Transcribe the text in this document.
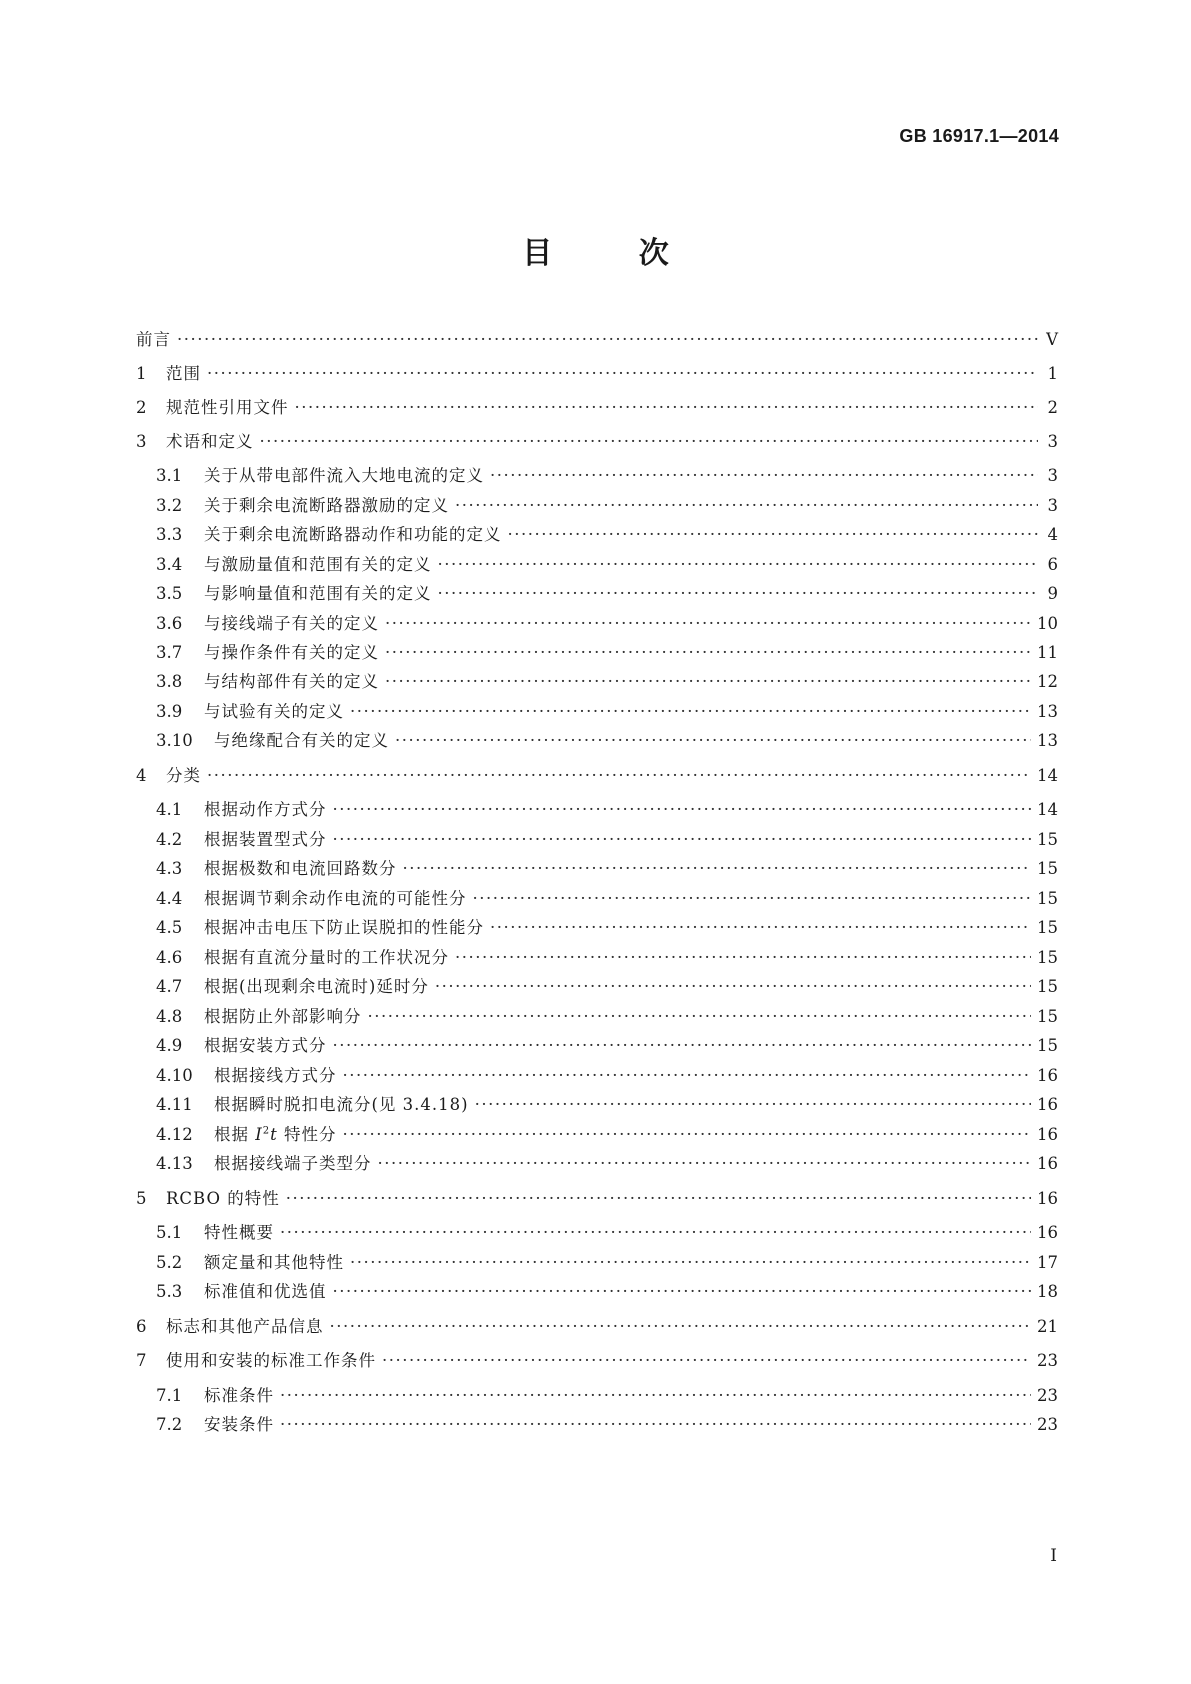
GB 16917.1—2014
目 次
前言 ·····	V
1	范围 ·····	1
2	规范性引用文件 ·····	2
3	术语和定义 ·····	3
3.1	关于从带电部件流入大地电流的定义 ·····	3
3.2	关于剩余电流断路器激励的定义 ·····	3
3.3	关于剩余电流断路器动作和功能的定义 ·····	4
3.4	与激励量值和范围有关的定义 ·····	6
3.5	与影响量值和范围有关的定义 ·····	9
3.6	与接线端子有关的定义 ·····	10
3.7	与操作条件有关的定义 ·····	11
3.8	与结构部件有关的定义 ·····	12
3.9	与试验有关的定义 ·····	13
3.10	与绝缘配合有关的定义 ·····	13
4	分类 ·····	14
4.1	根据动作方式分 ·····	14
4.2	根据装置型式分 ·····	15
4.3	根据极数和电流回路数分 ·····	15
4.4	根据调节剩余动作电流的可能性分 ·····	15
4.5	根据冲击电压下防止误脱扣的性能分 ·····	15
4.6	根据有直流分量时的工作状况分 ·····	15
4.7	根据(出现剩余电流时)延时分 ·····	15
4.8	根据防止外部影响分 ·····	15
4.9	根据安装方式分 ·····	15
4.10	根据接线方式分 ·····	16
4.11	根据瞬时脱扣电流分(见 3.4.18) ·····	16
4.12	根据 $I^2t$ 特性分 ·····	16
4.13	根据接线端子类型分 ·····	16
5	RCBO 的特性 ·····	16
5.1	特性概要 ·····	16
5.2	额定量和其他特性 ·····	17
5.3	标准值和优选值 ·····	18
6	标志和其他产品信息 ·····	21
7	使用和安装的标准工作条件 ·····	23
7.1	标准条件 ·····	23
7.2	安装条件 ·····	23
I
